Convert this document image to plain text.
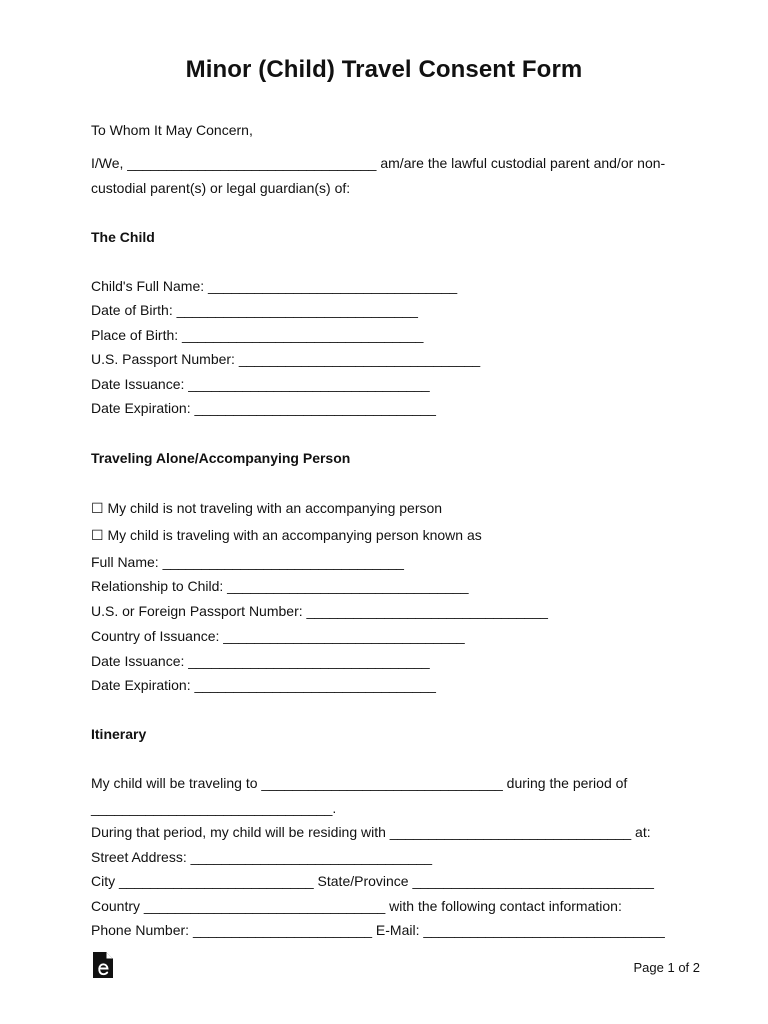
Minor (Child) Travel Consent Form
To Whom It May Concern,
I/We, ________________________________ am/are the lawful custodial parent and/or non-
custodial parent(s) or legal guardian(s) of:
The Child
Child's Full Name: ________________________________
Date of Birth: _______________________________
Place of Birth: _______________________________
U.S. Passport Number: _______________________________
Date Issuance: _______________________________
Date Expiration: _______________________________
Traveling Alone/Accompanying Person
☐ My child is not traveling with an accompanying person
☐ My child is traveling with an accompanying person known as
Full Name: _______________________________
Relationship to Child: _______________________________
U.S. or Foreign Passport Number: _______________________________
Country of Issuance: _______________________________
Date Issuance: _______________________________
Date Expiration: _______________________________
Itinerary
My child will be traveling to _______________________________ during the period of
_______________________________.
During that period, my child will be residing with _______________________________ at:
Street Address: _______________________________
City _________________________ State/Province _______________________________
Country _______________________________ with the following contact information:
Phone Number: _______________________ E-Mail: _______________________________
Page 1 of 2
